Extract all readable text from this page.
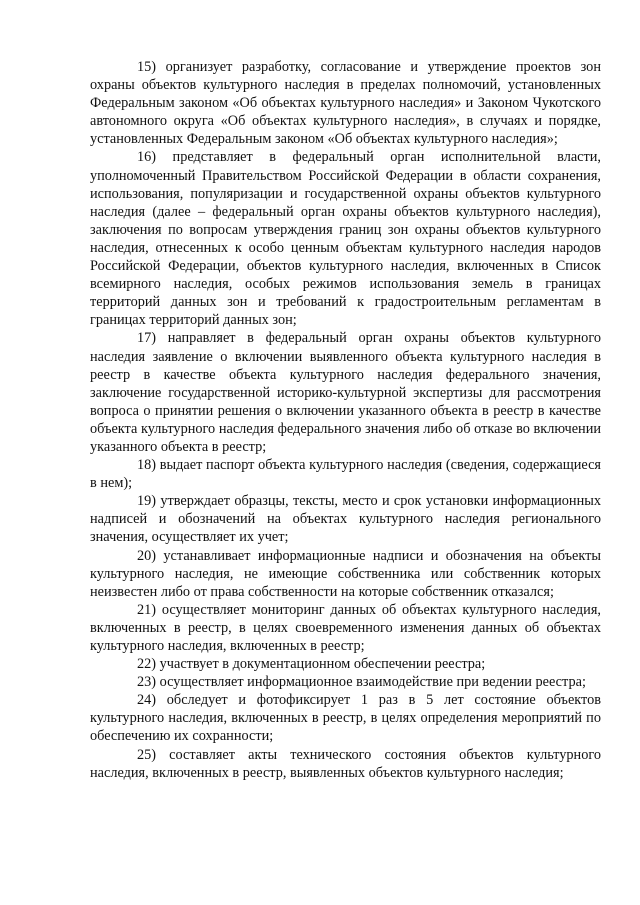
15) организует разработку, согласование и утверждение проектов зон охраны объектов культурного наследия в пределах полномочий, установленных Федеральным законом «Об объектах культурного наследия» и Законом Чукотского автономного округа «Об объектах культурного наследия», в случаях и порядке, установленных Федеральным законом «Об объектах культурного наследия»;

16) представляет в федеральный орган исполнительной власти, уполномоченный Правительством Российской Федерации в области сохранения, использования, популяризации и государственной охраны объектов культурного наследия (далее – федеральный орган охраны объектов культурного наследия), заключения по вопросам утверждения границ зон охраны объектов культурного наследия, отнесенных к особо ценным объектам культурного наследия народов Российской Федерации, объектов культурного наследия, включенных в Список всемирного наследия, особых режимов использования земель в границах территорий данных зон и требований к градостроительным регламентам в границах территорий данных зон;

17) направляет в федеральный орган охраны объектов культурного наследия заявление о включении выявленного объекта культурного наследия в реестр в качестве объекта культурного наследия федерального значения, заключение государственной историко-культурной экспертизы для рассмотрения вопроса о принятии решения о включении указанного объекта в реестр в качестве объекта культурного наследия федерального значения либо об отказе во включении указанного объекта в реестр;

18) выдает паспорт объекта культурного наследия (сведения, содержащиеся в нем);

19) утверждает образцы, тексты, место и срок установки информационных надписей и обозначений на объектах культурного наследия регионального значения, осуществляет их учет;

20) устанавливает информационные надписи и обозначения на объекты культурного наследия, не имеющие собственника или собственник которых неизвестен либо от права собственности на которые собственник отказался;

21) осуществляет мониторинг данных об объектах культурного наследия, включенных в реестр, в целях своевременного изменения данных об объектах культурного наследия, включенных в реестр;

22) участвует в документационном обеспечении реестра;

23) осуществляет информационное взаимодействие при ведении реестра;

24) обследует и фотофиксирует 1 раз в 5 лет состояние объектов культурного наследия, включенных в реестр, в целях определения мероприятий по обеспечению их сохранности;

25) составляет акты технического состояния объектов культурного наследия, включенных в реестр, выявленных объектов культурного наследия;
